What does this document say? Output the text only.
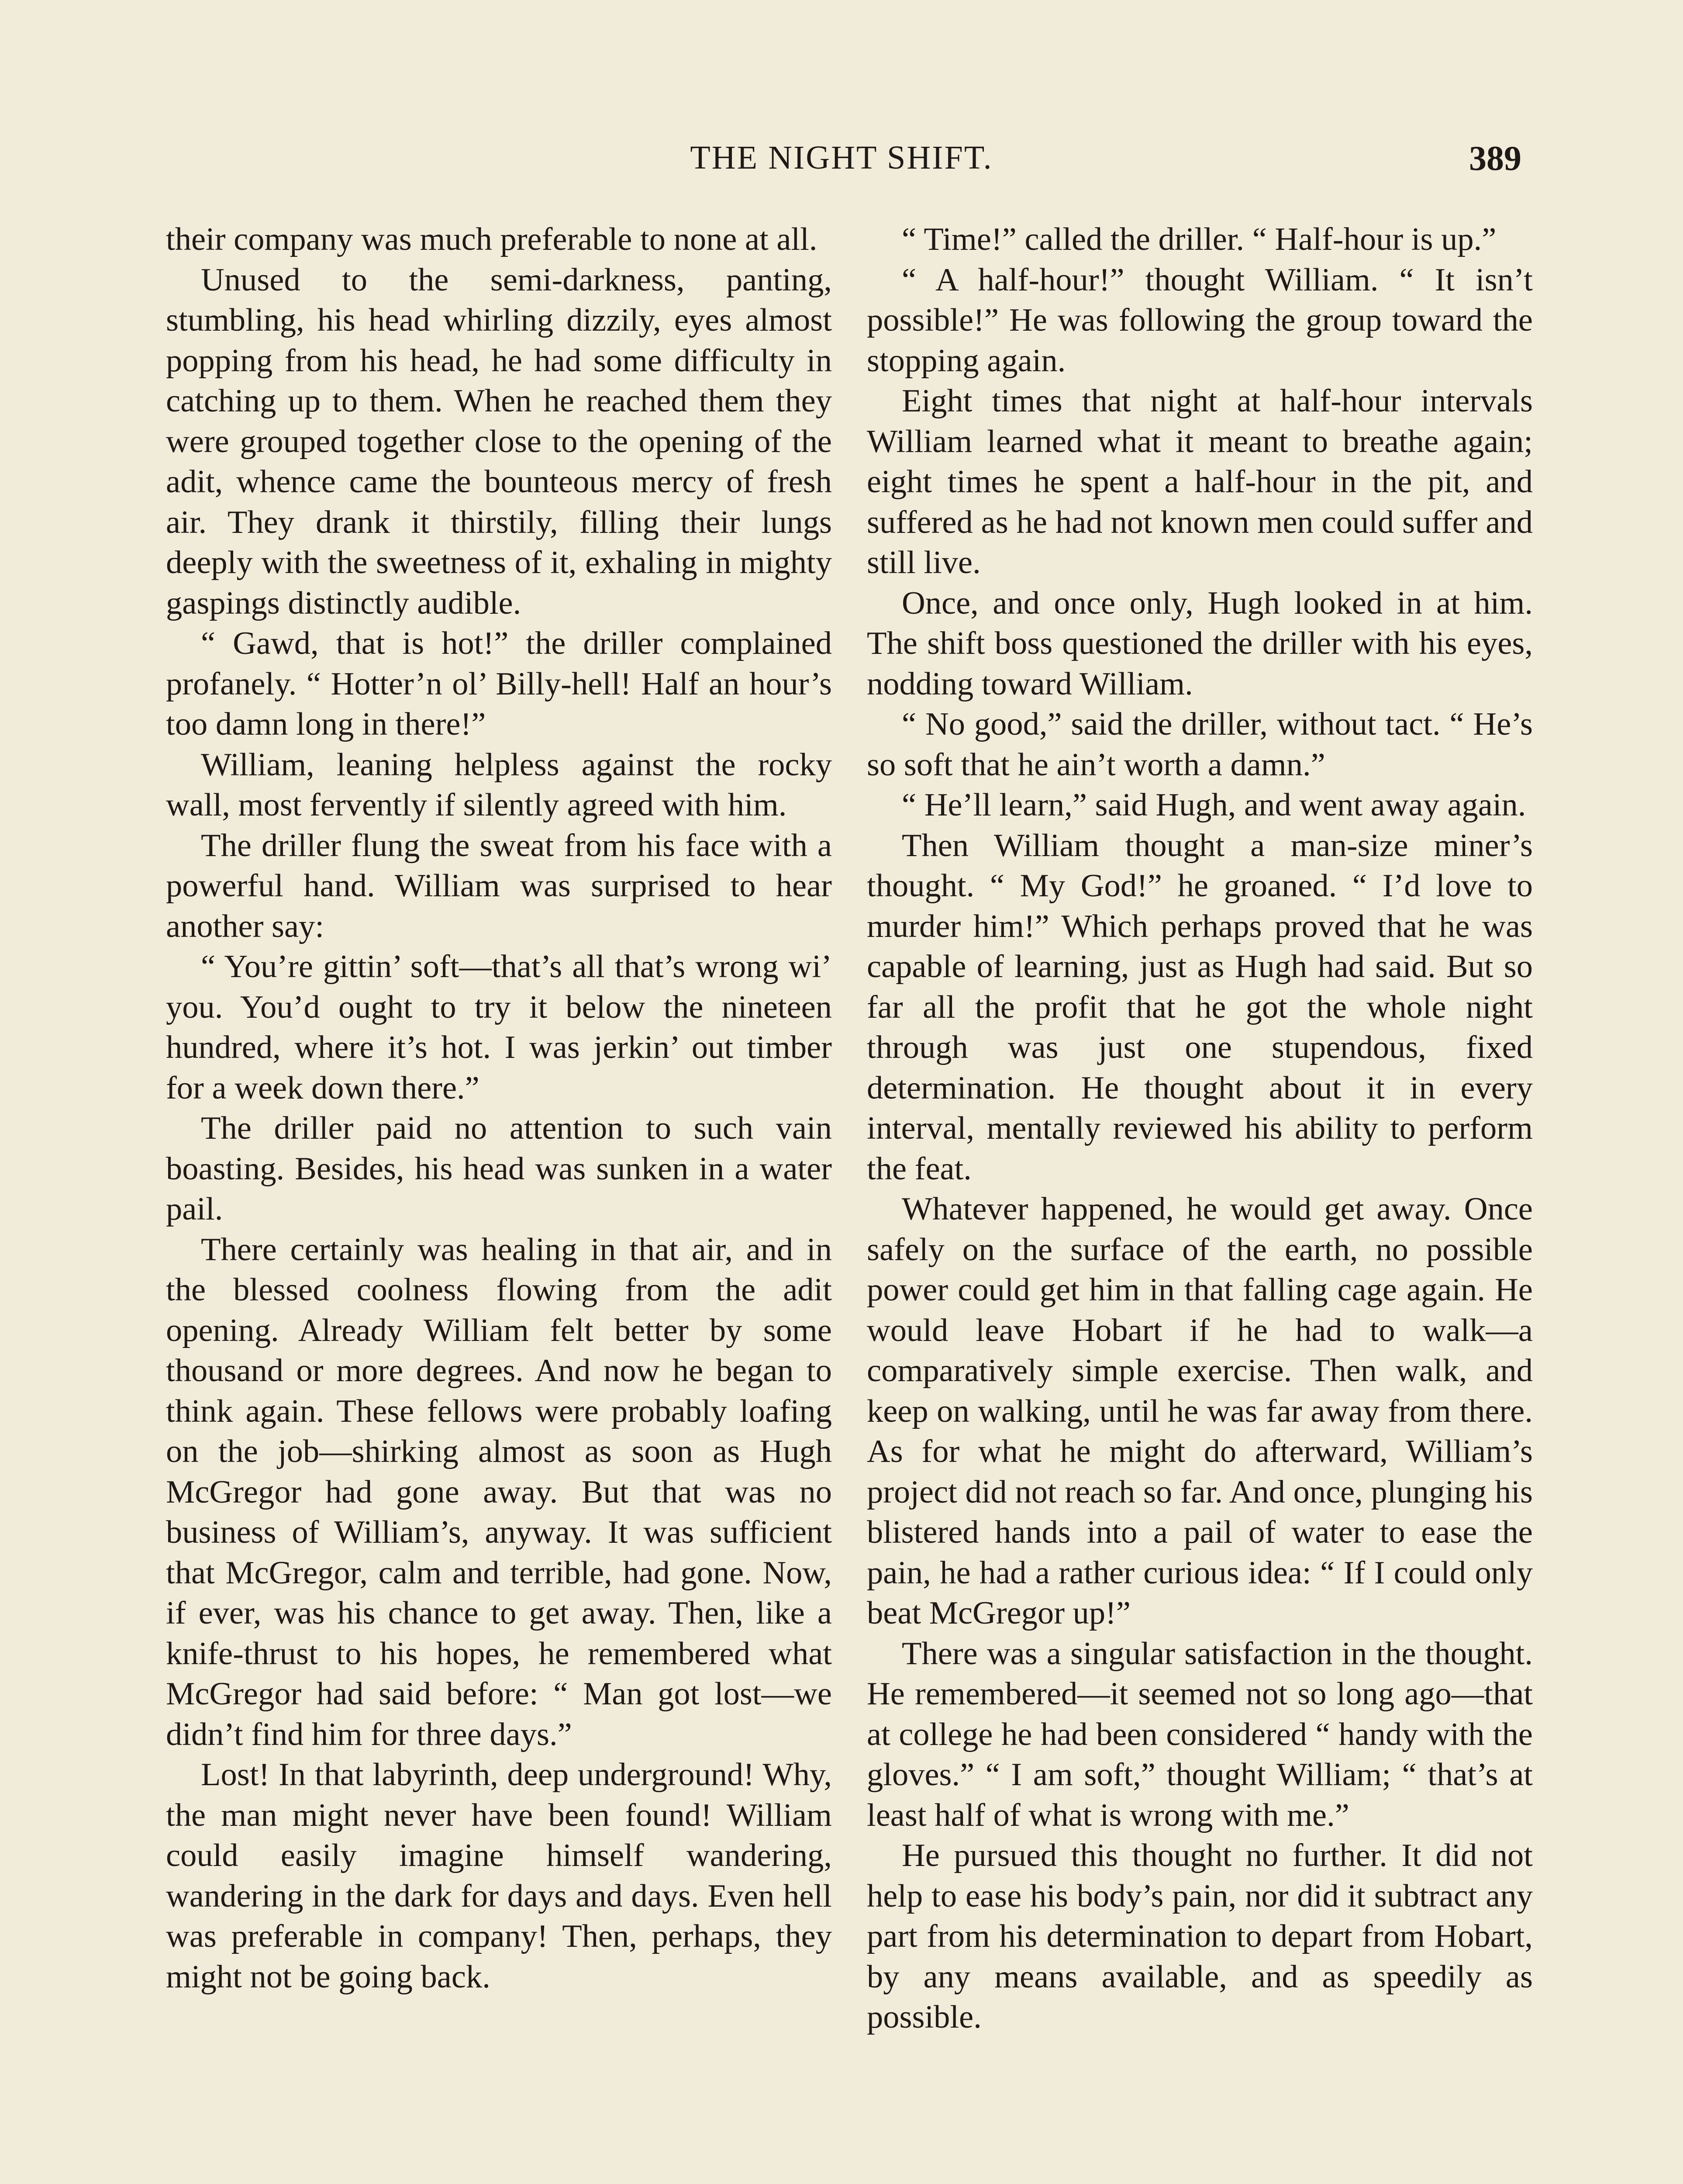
THE NIGHT SHIFT.	389

their company was much preferable to none at all.

Unused to the semi-darkness, panting, stumbling, his head whirling dizzily, eyes almost popping from his head, he had some difficulty in catching up to them. When he reached them they were grouped together close to the opening of the adit, whence came the bounteous mercy of fresh air. They drank it thirstily, filling their lungs deeply with the sweetness of it, exhaling in mighty gaspings distinctly audible.

“ Gawd, that is hot!” the driller complained profanely. “ Hotter’n ol’ Billy-hell! Half an hour’s too damn long in there!”

William, leaning helpless against the rocky wall, most fervently if silently agreed with him.

The driller flung the sweat from his face with a powerful hand. William was surprised to hear another say:

“ You’re gittin’ soft—that’s all that’s wrong wi’ you. You’d ought to try it below the nineteen hundred, where it’s hot. I was jerkin’ out timber for a week down there.”

The driller paid no attention to such vain boasting. Besides, his head was sunken in a water pail.

There certainly was healing in that air, and in the blessed coolness flowing from the adit opening. Already William felt better by some thousand or more degrees. And now he began to think again. These fellows were probably loafing on the job—shirking almost as soon as Hugh McGregor had gone away. But that was no business of William’s, anyway. It was sufficient that McGregor, calm and terrible, had gone. Now, if ever, was his chance to get away. Then, like a knife-thrust to his hopes, he remembered what McGregor had said before: “ Man got lost—we didn’t find him for three days.”

Lost! In that labyrinth, deep underground! Why, the man might never have been found! William could easily imagine himself wandering, wandering in the dark for days and days. Even hell was preferable in company! Then, perhaps, they might not be going back.

“ Time!” called the driller. “ Half-hour is up.”

“ A half-hour!” thought William. “ It isn’t possible!” He was following the group toward the stopping again.

Eight times that night at half-hour intervals William learned what it meant to breathe again; eight times he spent a half-hour in the pit, and suffered as he had not known men could suffer and still live.

Once, and once only, Hugh looked in at him. The shift boss questioned the driller with his eyes, nodding toward William.

“ No good,” said the driller, without tact. “ He’s so soft that he ain’t worth a damn.”

“ He’ll learn,” said Hugh, and went away again.

Then William thought a man-size miner’s thought. “ My God!” he groaned. “ I’d love to murder him!” Which perhaps proved that he was capable of learning, just as Hugh had said. But so far all the profit that he got the whole night through was just one stupendous, fixed determination. He thought about it in every interval, mentally reviewed his ability to perform the feat.

Whatever happened, he would get away. Once safely on the surface of the earth, no possible power could get him in that falling cage again. He would leave Hobart if he had to walk—a comparatively simple exercise. Then walk, and keep on walking, until he was far away from there. As for what he might do afterward, William’s project did not reach so far. And once, plunging his blistered hands into a pail of water to ease the pain, he had a rather curious idea: “ If I could only beat McGregor up!”

There was a singular satisfaction in the thought. He remembered—it seemed not so long ago—that at college he had been considered “ handy with the gloves.” “ I am soft,” thought William; “ that’s at least half of what is wrong with me.”

He pursued this thought no further. It did not help to ease his body’s pain, nor did it subtract any part from his determination to depart from Hobart, by any means available, and as speedily as possible.
